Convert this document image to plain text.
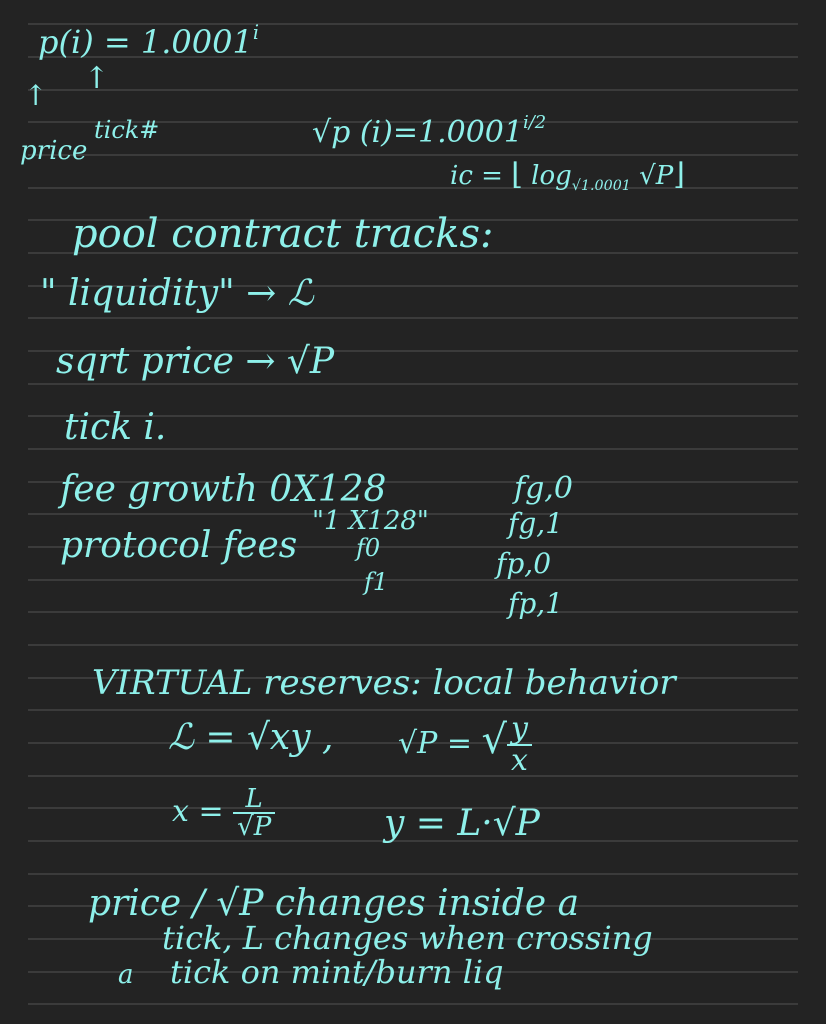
$p(i) = 1.0001^i$
↑ ↑
price
tick#	√p $(i)=1.0001^{i/2}$
ic = ⌊ $\log_{√1.0001}$ √P⌋
pool contract tracks:
" liquidity" → ℒ
sqrt price → √P
tick i.
fee growth 0X128	fg,0
"1 X128"	fg,1
protocol fees f0
f1
fp,0
fp,1
VIRTUAL reserves: local behavior
ℒ = √xy , √P = √ $\frac{y}{x}$
$x = \frac{L}{√P}$	y = L·√P
price / √P changes inside a
tick, L changes when crossing
a tick on mint/burn liq
